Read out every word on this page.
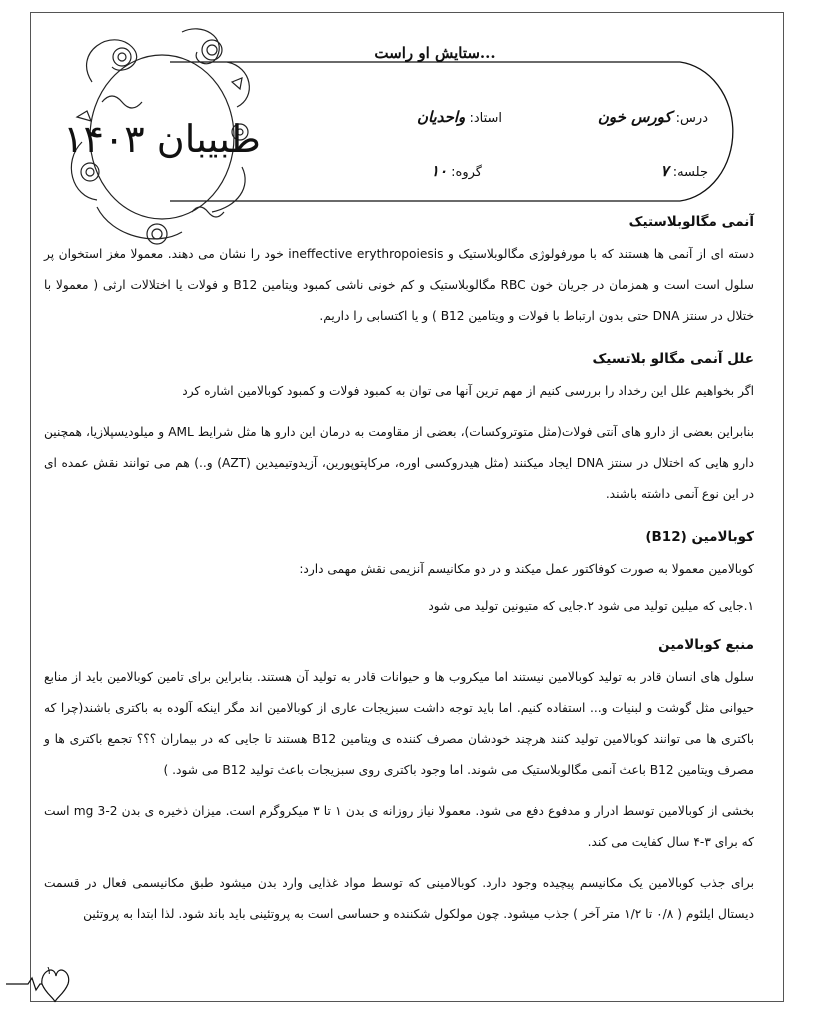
ستایش او راست...
درس: کورس خون
استاد: واحدیان
جلسه: ۷
گروه: ۱۰
طبیبان ۱۴۰۳
آنمی مگالوبلاستیک

دسته ای از آنمی ها هستند که با مورفولوژی مگالوبلاستیک و ineffective erythropoiesis خود را نشان می دهند. معمولا مغز استخوان پر سلول است است و همزمان در جریان خون RBC مگالوبلاستیک و کم خونی ناشی کمبود ویتامین B12 و فولات یا اختلالات ارثی ( معمولا با ختلال در سنتز DNA حتی بدون ارتباط با فولات و ویتامین B12 ) و یا اکتسابی را داریم.

علل آنمی مگالو بلاتسیک

اگر بخواهیم علل این رخداد را بررسی کنیم از مهم ترین آنها می توان به کمبود فولات و کمبود کوبالامین اشاره کرد

بنابراین بعضی از دارو های آنتی فولات(مثل متوتروکسات)، بعضی از مقاومت به درمان این دارو ها مثل شرایط AML و میلودیسپلازیا، همچنین دارو هایی که اختلال در سنتز DNA ایجاد میکنند (مثل هیدروکسی اوره، مرکاپتوپورین، آزیدوتیمیدین (AZT) و..) هم می توانند نقش عمده ای در این نوع آنمی داشته باشند.

کوبالامین (B12)

کوبالامین معمولا به صورت کوفاکتور عمل میکند و در دو مکانیسم آنزیمی نقش مهمی دارد:

۱.جایی که میلین تولید می شود ۲.جایی که متیونین تولید می شود

منبع کوبالامین

سلول های انسان قادر به تولید کوبالامین نیستند اما میکروب ها و حیوانات قادر به تولید آن هستند. بنابراین برای تامین کوبالامین باید از منابع حیوانی مثل گوشت و لبنیات و... استفاده کنیم. اما باید توجه داشت سبزیجات عاری از کوبالامین اند مگر اینکه آلوده به باکتری باشند(چرا که باکتری ها می توانند کوبالامین تولید کنند هرچند خودشان مصرف کننده ی ویتامین B12 هستند تا جایی که در بیماران ؟؟؟ تجمع باکتری ها و مصرف ویتامین B12 باعث آنمی مگالوبلاستیک می شوند. اما وجود باکتری روی سبزیجات باعث تولید B12 می شود. )

بخشی از کوبالامین توسط ادرار و مدفوع دفع می شود. معمولا نیاز روزانه ی بدن ۱ تا ۳ میکروگرم است. میزان ذخیره ی بدن 2-3 mg است که برای ۳-۴ سال کفایت می کند.

برای جذب کوبالامین یک مکانیسم پیچیده وجود دارد. کوبالامینی که توسط مواد غذایی وارد بدن میشود طبق مکانیسمی فعال در قسمت دیستال ایلئوم ( ۰/۸ تا ۱/۲ متر آخر ) جذب میشود. چون مولکول شکننده و حساسی است به پروتئینی باید باند شود. لذا ابتدا به پروتئین

۱
